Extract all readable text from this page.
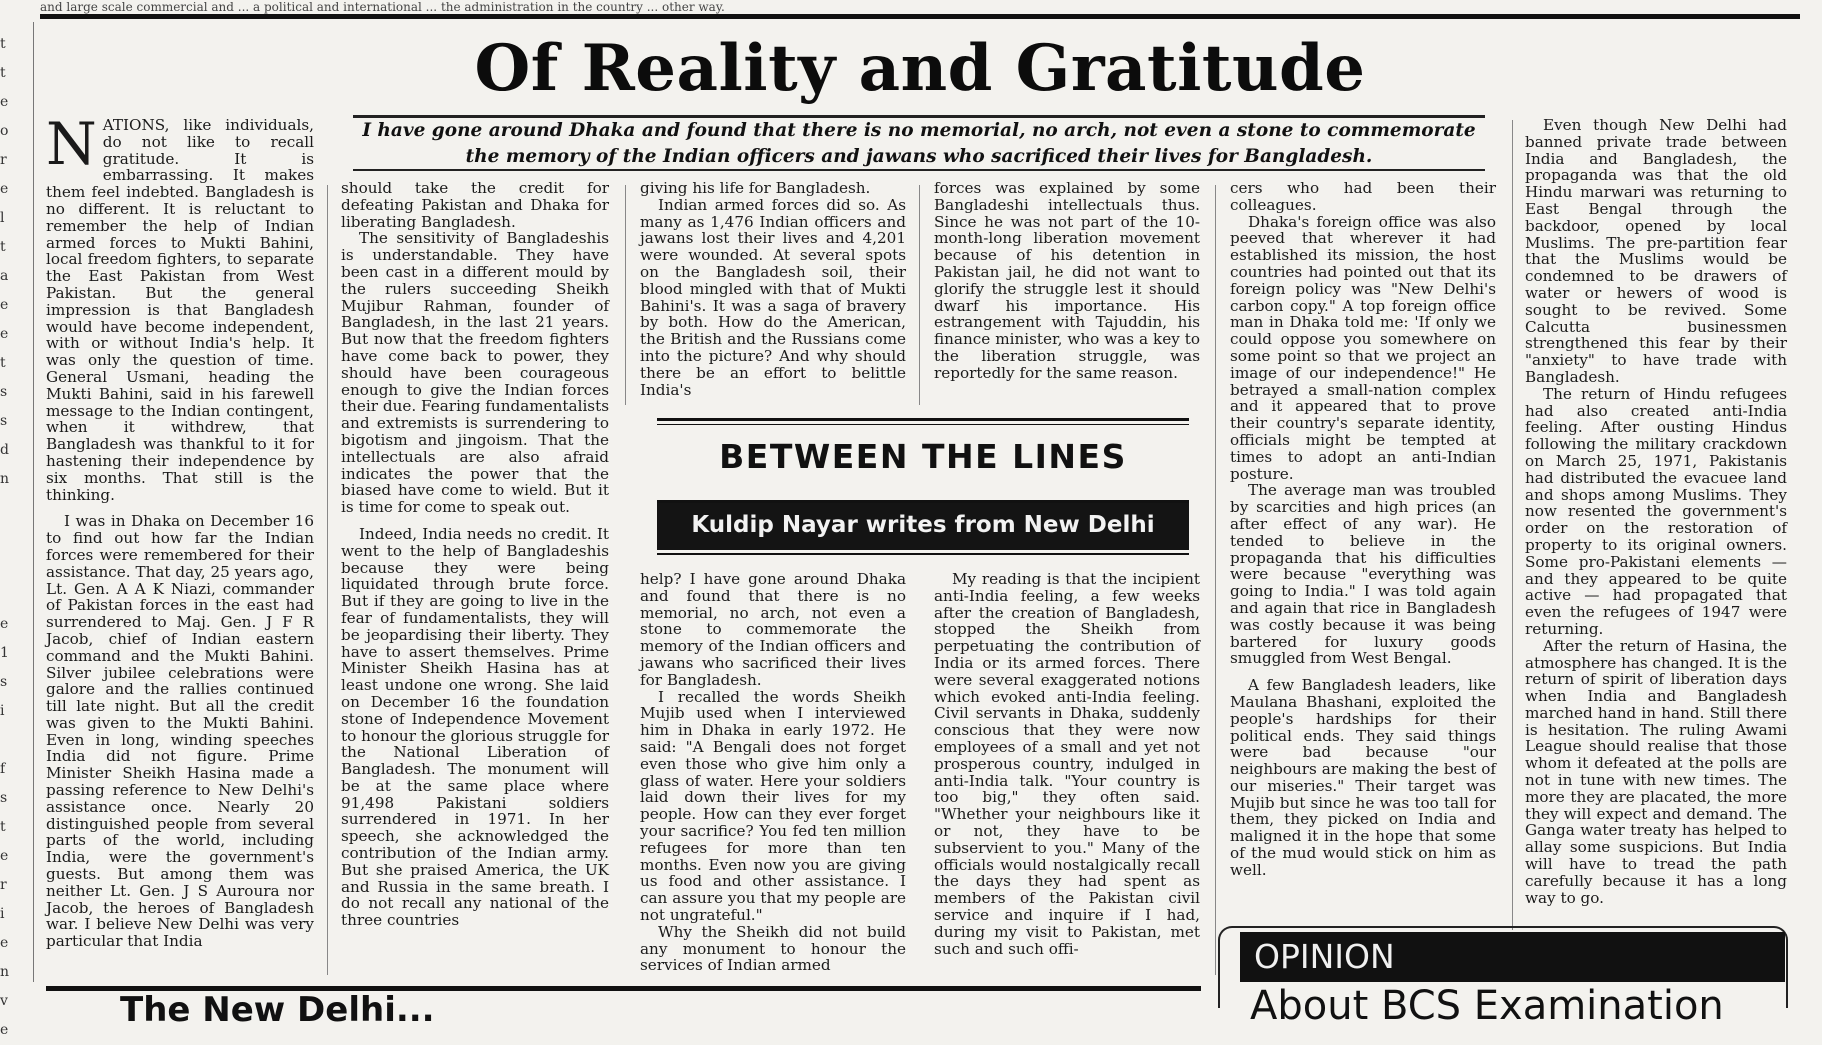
and large scale commercial and ... a political and international ... the administration in the country ... other way.
t
t
e
o
r
e
l
t
a
e
e
t
s
s
d
n

e
1
s
i

f
s
t
e
r
i
e
n
v
e
Of Reality and Gratitude
I have gone around Dhaka and found that there is no memorial, no arch, not even a stone to commemorate the memory of the Indian officers and jawans who sacrificed their lives for Bangladesh.

NATIONS, like individuals, do not like to recall gratitude. It is embarrassing. It makes them feel indebted. Bangladesh is no different. It is reluctant to remember the help of Indian armed forces to Mukti Bahini, local freedom fighters, to separate the East Pakistan from West Pakistan. But the general impression is that Bangladesh would have become independent, with or without India's help. It was only the question of time. General Usmani, heading the Mukti Bahini, said in his farewell message to the Indian contingent, when it withdrew, that Bangladesh was thankful to it for hastening their independence by six months. That still is the thinking.

I was in Dhaka on December 16 to find out how far the Indian forces were remembered for their assistance. That day, 25 years ago, Lt. Gen. A A K Niazi, commander of Pakistan forces in the east had surrendered to Maj. Gen. J F R Jacob, chief of Indian eastern command and the Mukti Bahini. Silver jubilee celebrations were galore and the rallies continued till late night. But all the credit was given to the Mukti Bahini. Even in long, winding speeches India did not figure. Prime Minister Sheikh Hasina made a passing reference to New Delhi's assistance once. Nearly 20 distinguished people from several parts of the world, including India, were the government's guests. But among them was neither Lt. Gen. J S Auroura nor Jacob, the heroes of Bangladesh war. I believe New Delhi was very particular that India

should take the credit for defeating Pakistan and Dhaka for liberating Bangladesh.

The sensitivity of Bangladeshis is understandable. They have been cast in a different mould by the rulers succeeding Sheikh Mujibur Rahman, founder of Bangladesh, in the last 21 years. But now that the freedom fighters have come back to power, they should have been courageous enough to give the Indian forces their due. Fearing fundamentalists and extremists is surrendering to bigotism and jingoism. That the intellectuals are also afraid indicates the power that the biased have come to wield. But it is time for come to speak out.

Indeed, India needs no credit. It went to the help of Bangladeshis because they were being liquidated through brute force. But if they are going to live in the fear of fundamentalists, they will be jeopardising their liberty. They have to assert themselves. Prime Minister Sheikh Hasina has at least undone one wrong. She laid on December 16 the foundation stone of Independence Movement to honour the glorious struggle for the National Liberation of Bangladesh. The monument will be at the same place where 91,498 Pakistani soldiers surrendered in 1971. In her speech, she acknowledged the contribution of the Indian army. But she praised America, the UK and Russia in the same breath. I do not recall any national of the three countries

giving his life for Bangladesh.

Indian armed forces did so. As many as 1,476 Indian officers and jawans lost their lives and 4,201 were wounded. At several spots on the Bangladesh soil, their blood mingled with that of Mukti Bahini's. It was a saga of bravery by both. How do the American, the British and the Russians come into the picture? And why should there be an effort to belittle India's

help? I have gone around Dhaka and found that there is no memorial, no arch, not even a stone to commemorate the memory of the Indian officers and jawans who sacrificed their lives for Bangladesh.

I recalled the words Sheikh Mujib used when I interviewed him in Dhaka in early 1972. He said: "A Bengali does not forget even those who give him only a glass of water. Here your soldiers laid down their lives for my people. How can they ever forget your sacrifice? You fed ten million refugees for more than ten months. Even now you are giving us food and other assistance. I can assure you that my people are not ungrateful."

Why the Sheikh did not build any monument to honour the services of Indian armed

forces was explained by some Bangladeshi intellectuals thus. Since he was not part of the 10-month-long liberation movement because of his detention in Pakistan jail, he did not want to glorify the struggle lest it should dwarf his importance. His estrangement with Tajuddin, his finance minister, who was a key to the liberation struggle, was reportedly for the same reason.

My reading is that the incipient anti-India feeling, a few weeks after the creation of Bangladesh, stopped the Sheikh from perpetuating the contribution of India or its armed forces. There were several exaggerated notions which evoked anti-India feeling. Civil servants in Dhaka, suddenly conscious that they were now employees of a small and yet not prosperous country, indulged in anti-India talk. "Your country is too big," they often said. "Whether your neighbours like it or not, they have to be subservient to you." Many of the officials would nostalgically recall the days they had spent as members of the Pakistan civil service and inquire if I had, during my visit to Pakistan, met such and such offi-

cers who had been their colleagues.

Dhaka's foreign office was also peeved that wherever it had established its mission, the host countries had pointed out that its foreign policy was "New Delhi's carbon copy." A top foreign office man in Dhaka told me: 'If only we could oppose you somewhere on some point so that we project an image of our independence!" He betrayed a small-nation complex and it appeared that to prove their country's separate identity, officials might be tempted at times to adopt an anti-Indian posture.

The average man was troubled by scarcities and high prices (an after effect of any war). He tended to believe in the propaganda that his difficulties were because "everything was going to India." I was told again and again that rice in Bangladesh was costly because it was being bartered for luxury goods smuggled from West Bengal.

A few Bangladesh leaders, like Maulana Bhashani, exploited the people's hardships for their political ends. They said things were bad because "our neighbours are making the best of our miseries." Their target was Mujib but since he was too tall for them, they picked on India and maligned it in the hope that some of the mud would stick on him as well.

Even though New Delhi had banned private trade between India and Bangladesh, the propaganda was that the old Hindu marwari was returning to East Bengal through the backdoor, opened by local Muslims. The pre-partition fear that the Muslims would be condemned to be drawers of water or hewers of wood is sought to be revived. Some Calcutta businessmen strengthened this fear by their "anxiety" to have trade with Bangladesh.

The return of Hindu refugees had also created anti-India feeling. After ousting Hindus following the military crackdown on March 25, 1971, Pakistanis had distributed the evacuee land and shops among Muslims. They now resented the government's order on the restoration of property to its original owners. Some pro-Pakistani elements — and they appeared to be quite active — had propagated that even the refugees of 1947 were returning.

After the return of Hasina, the atmosphere has changed. It is the return of spirit of liberation days when India and Bangladesh marched hand in hand. Still there is hesitation. The ruling Awami League should realise that those whom it defeated at the polls are not in tune with new times. The more they are placated, the more they will expect and demand. The Ganga water treaty has helped to allay some suspicions. But India will have to tread the path carefully because it has a long way to go.

BETWEEN THE LINES
Kuldip Nayar writes from New Delhi
OPINION
About BCS Examination
The New Delhi...
